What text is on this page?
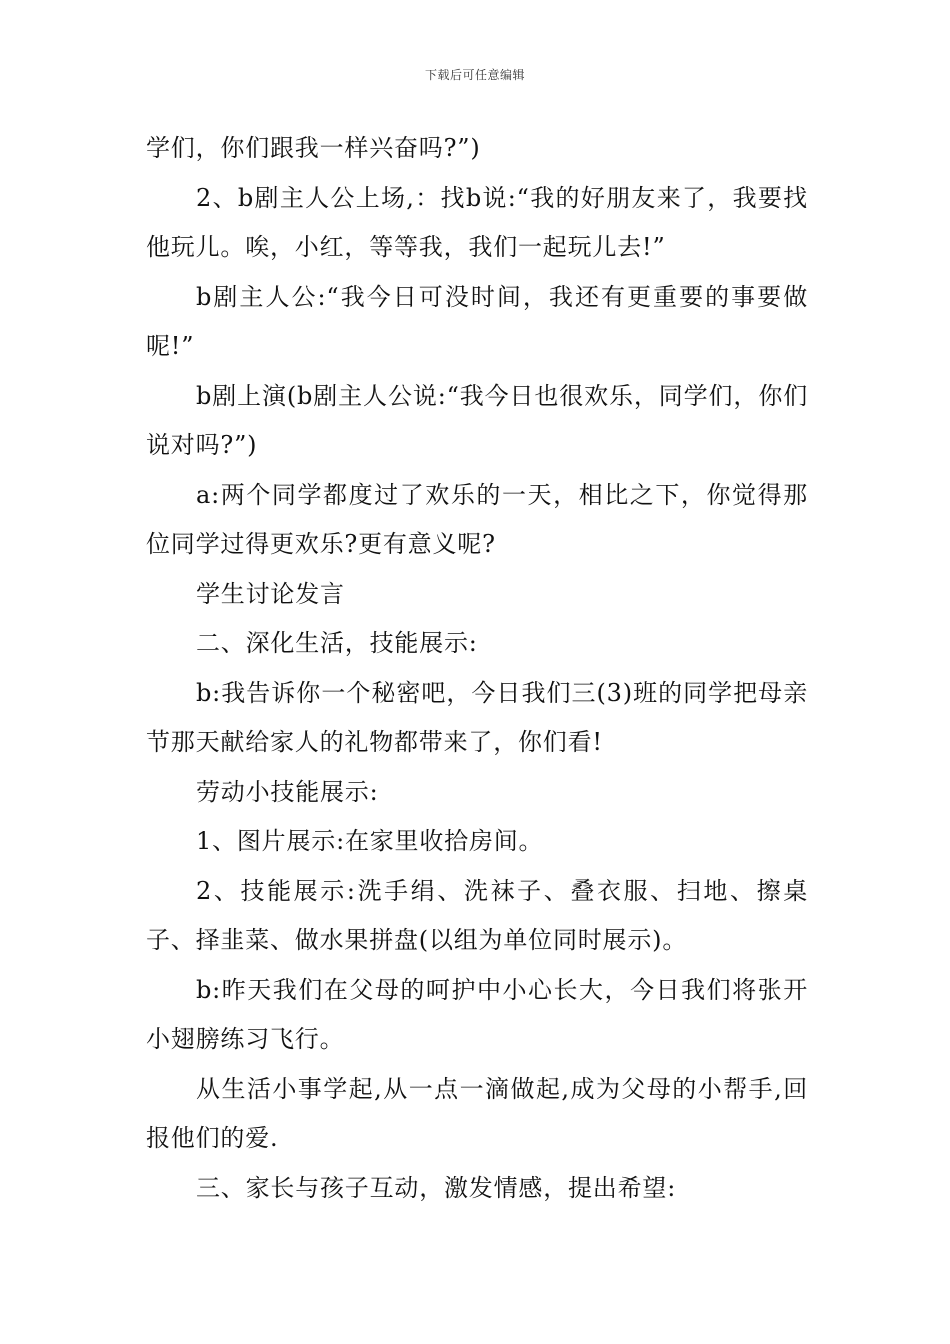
下载后可任意编辑

学们，你们跟我一样兴奋吗?”)

2、b剧主人公上场,：找b说:“我的好朋友来了，我要找他玩儿。唉，小红，等等我，我们一起玩儿去!”

b剧主人公:“我今日可没时间，我还有更重要的事要做呢!”

b剧上演(b剧主人公说:“我今日也很欢乐，同学们，你们说对吗?”)

a:两个同学都度过了欢乐的一天，相比之下，你觉得那位同学过得更欢乐?更有意义呢?

学生讨论发言

二、深化生活，技能展示:

b:我告诉你一个秘密吧，今日我们三(3)班的同学把母亲节那天献给家人的礼物都带来了，你们看!

劳动小技能展示:

1、图片展示:在家里收拾房间。

2、技能展示:洗手绢、洗袜子、叠衣服、扫地、擦桌子、择韭菜、做水果拼盘(以组为单位同时展示)。

b:昨天我们在父母的呵护中小心长大，今日我们将张开小翅膀练习飞行。

从生活小事学起,从一点一滴做起,成为父母的小帮手,回报他们的爱.

三、家长与孩子互动，激发情感，提出希望:
